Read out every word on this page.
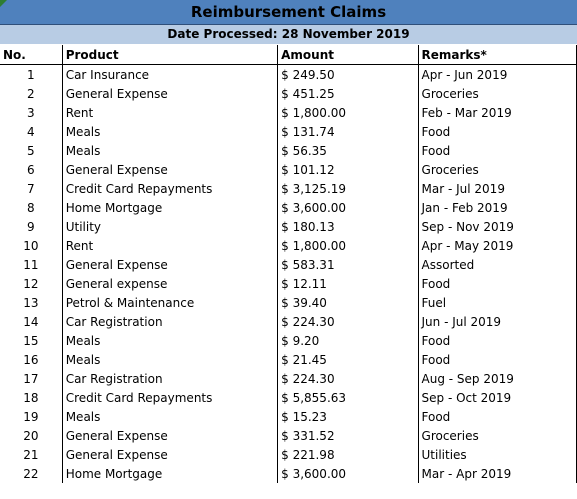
Reimbursement Claims
Date Processed: 28 November 2019
No.	Product	Amount	Remarks*	
1	Car Insurance	$ 249.50	Apr - Jun 2019	
2	General Expense	$ 451.25	Groceries	
3	Rent	$ 1,800.00	Feb - Mar 2019	
4	Meals	$ 131.74	Food	
5	Meals	$ 56.35	Food	
6	General Expense	$ 101.12	Groceries	
7	Credit Card Repayments	$ 3,125.19	Mar - Jul 2019	
8	Home Mortgage	$ 3,600.00	Jan - Feb 2019	
9	Utility	$ 180.13	Sep - Nov 2019	
10	Rent	$ 1,800.00	Apr - May 2019	
11	General Expense	$ 583.31	Assorted	
12	General expense	$ 12.11	Food	
13	Petrol & Maintenance	$ 39.40	Fuel	
14	Car Registration	$ 224.30	Jun - Jul 2019	
15	Meals	$ 9.20	Food	
16	Meals	$ 21.45	Food	
17	Car Registration	$ 224.30	Aug - Sep 2019	
18	Credit Card Repayments	$ 5,855.63	Sep - Oct 2019	
19	Meals	$ 15.23	Food	
20	General Expense	$ 331.52	Groceries	
21	General Expense	$ 221.98	Utilities	
22	Home Mortgage	$ 3,600.00	Mar - Apr 2019	
